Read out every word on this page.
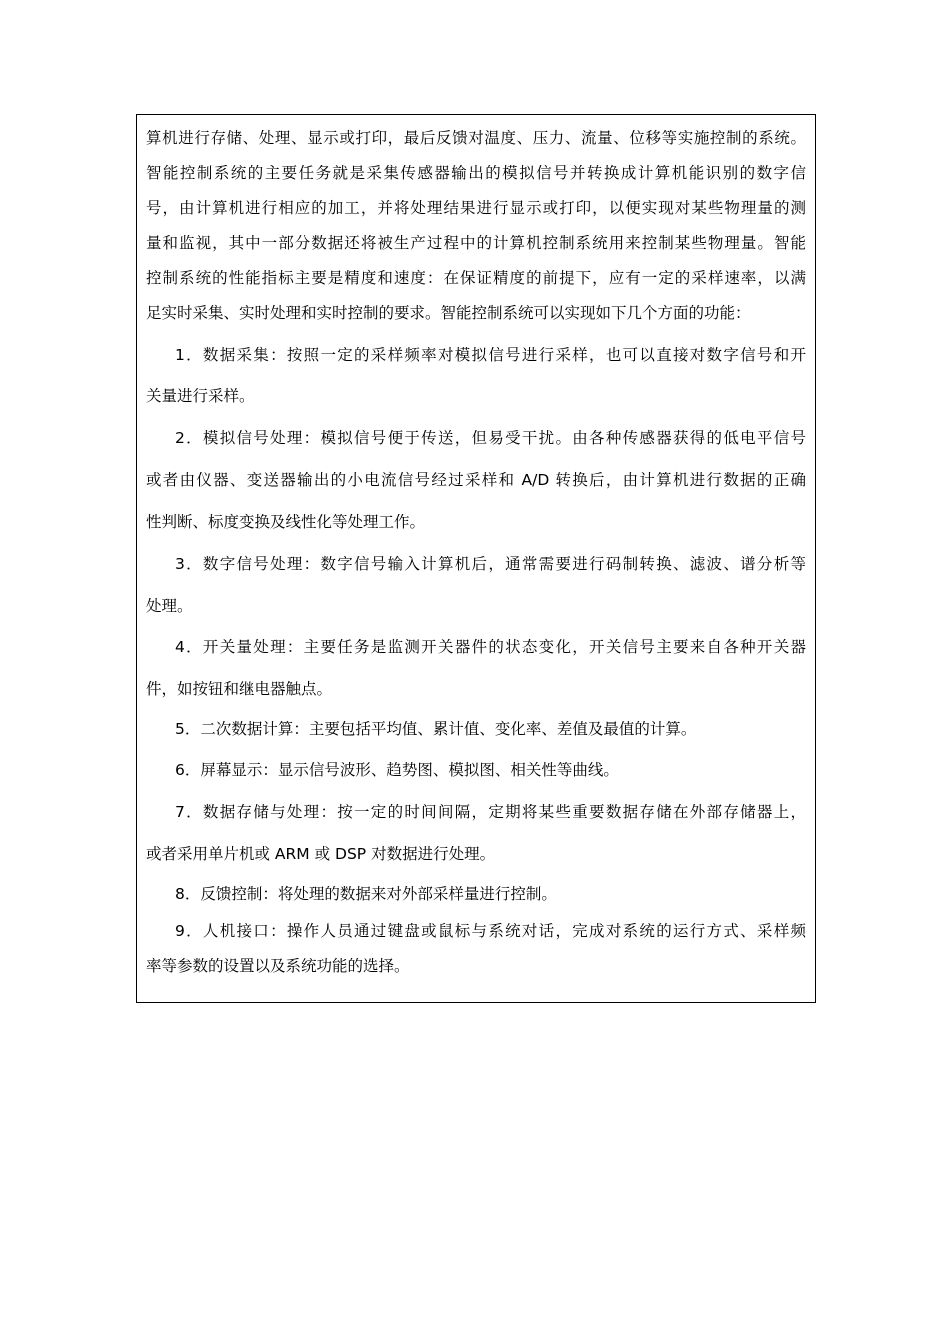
算机进行存储、处理、显示或打印，最后反馈对温度、压力、流量、位移等实施控制的系统。
智能控制系统的主要任务就是采集传感器输出的模拟信号并转换成计算机能识别的数字信
号，由计算机进行相应的加工，并将处理结果进行显示或打印，以便实现对某些物理量的测
量和监视，其中一部分数据还将被生产过程中的计算机控制系统用来控制某些物理量。智能
控制系统的性能指标主要是精度和速度：在保证精度的前提下，应有一定的采样速率，以满
足实时采集、实时处理和实时控制的要求。智能控制系统可以实现如下几个方面的功能：
1．数据采集：按照一定的采样频率对模拟信号进行采样，也可以直接对数字信号和开
关量进行采样。
2．模拟信号处理：模拟信号便于传送，但易受干扰。由各种传感器获得的低电平信号
或者由仪器、变送器输出的小电流信号经过采样和 A/D 转换后，由计算机进行数据的正确
性判断、标度变换及线性化等处理工作。
3．数字信号处理：数字信号输入计算机后，通常需要进行码制转换、滤波、谱分析等
处理。
4．开关量处理：主要任务是监测开关器件的状态变化，开关信号主要来自各种开关器
件，如按钮和继电器触点。
5．二次数据计算：主要包括平均值、累计值、变化率、差值及最值的计算。
6．屏幕显示：显示信号波形、趋势图、模拟图、相关性等曲线。
7．数据存储与处理：按一定的时间间隔，定期将某些重要数据存储在外部存储器上，
或者采用单片机或 ARM 或 DSP 对数据进行处理。
8．反馈控制：将处理的数据来对外部采样量进行控制。
9．人机接口：操作人员通过键盘或鼠标与系统对话，完成对系统的运行方式、采样频
率等参数的设置以及系统功能的选择。
